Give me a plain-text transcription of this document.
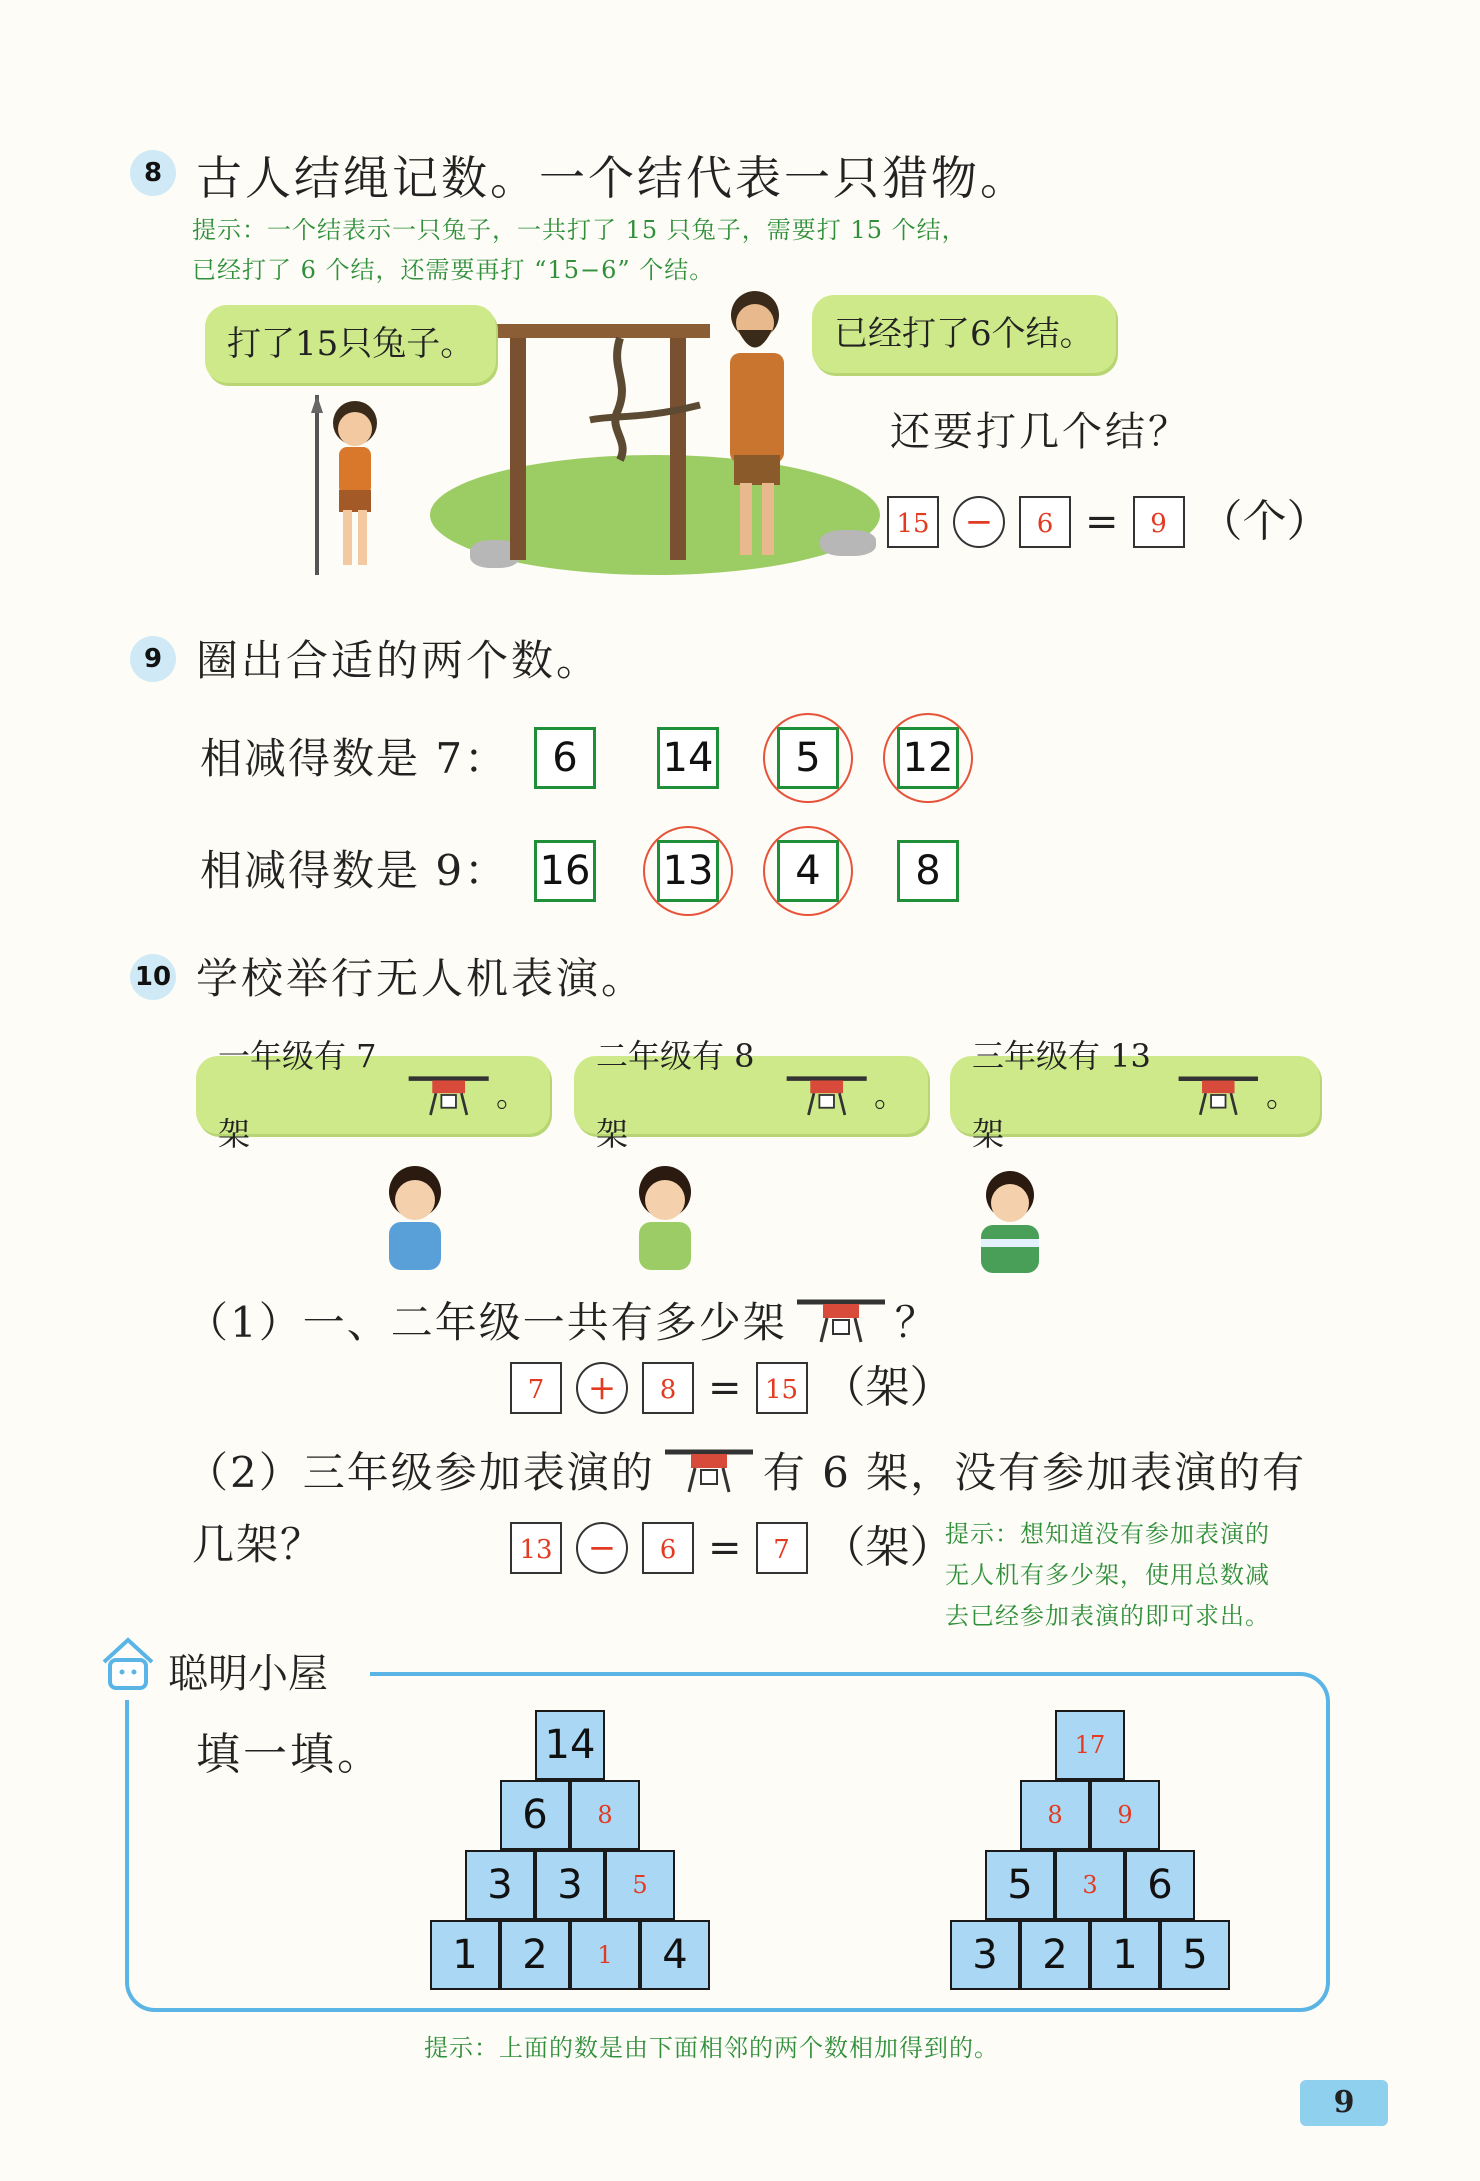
8 古人结绳记数。一个结代表一只猎物。
提示：一个结表示一只兔子，一共打了 15 只兔子，需要打 15 个结，
已经打了 6 个结，还需要再打 “15−6” 个结。
打了15只兔子。	已经打了6个结。
还要打几个结？
15	−	6 =	9 （个）
9 圈出合适的两个数。
相减得数是 7：
相减得数是 9：
6	14	5	12
16 13	4	8
10 学校举行无人机表演。
一年级有 7 架
。
二年级有 8 架
。
三年级有 13 架
。
（1）一、二年级一共有多少架	？
7	+	8 = 15 （架）
（2）三年级参加表演的	有 6 架，没有参加表演的有
几架？	13	−	6 =	7 （架）
提示：想知道没有参加表演的
无人机有多少架，使用总数减
去已经参加表演的即可求出。
聪明小屋
填一填。	14
6	8
3	3	5
1	2	1	4
17
8	9
5	3	6
3	2	1	5
提示：上面的数是由下面相邻的两个数相加得到的。
9
